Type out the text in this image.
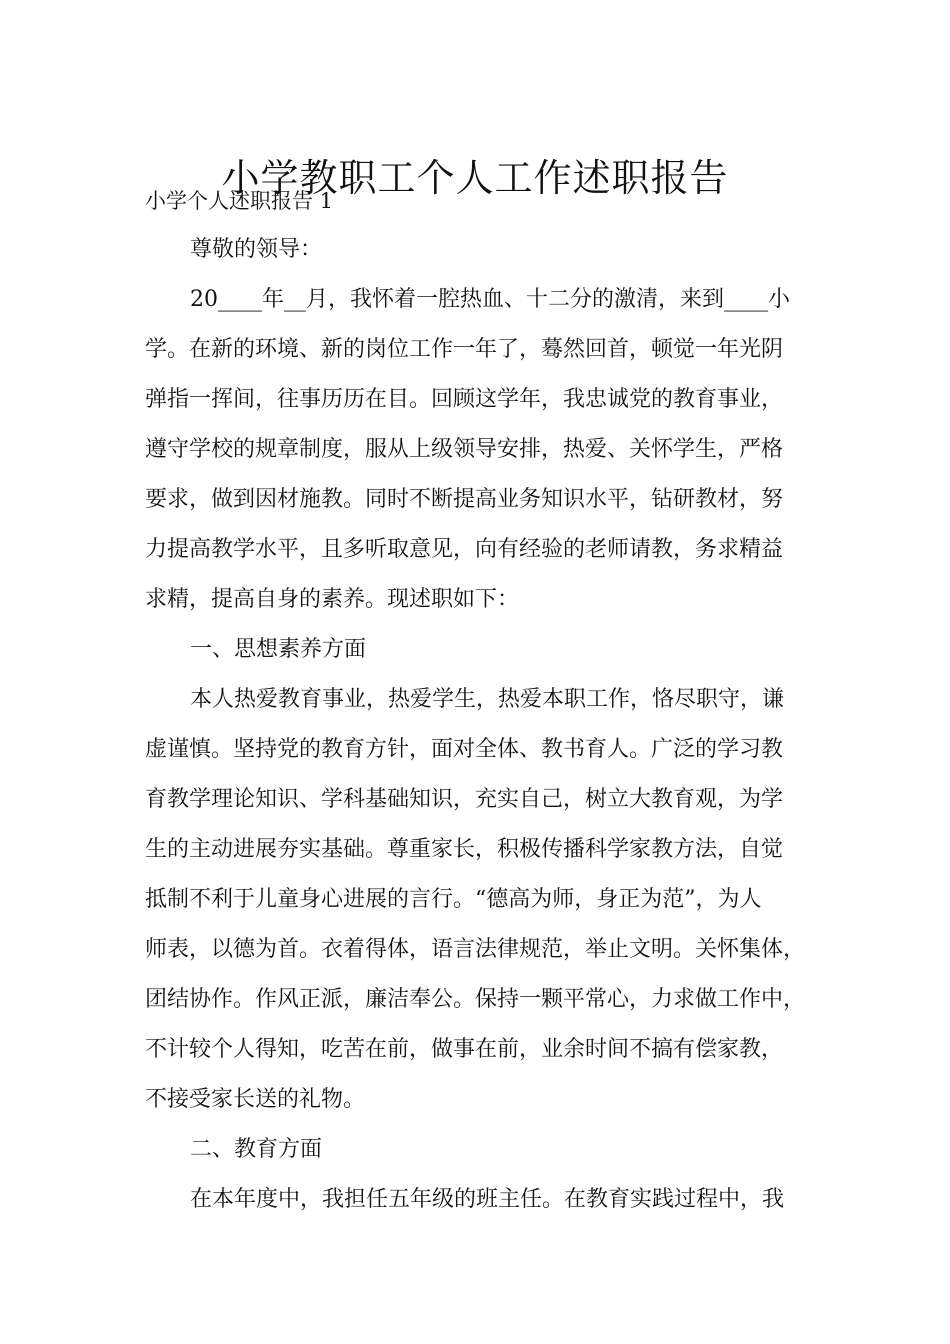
小学教职工个人工作述职报告
小学个人述职报告 1
尊敬的领导：
20____年__月，我怀着一腔热血、十二分的激清，来到____小
学。在新的环境、新的岗位工作一年了，蓦然回首，顿觉一年光阴
弹指一挥间，往事历历在目。回顾这学年，我忠诚党的教育事业，
遵守学校的规章制度，服从上级领导安排，热爱、关怀学生，严格
要求，做到因材施教。同时不断提高业务知识水平，钻研教材，努
力提高教学水平，且多听取意见，向有经验的老师请教，务求精益
求精，提高自身的素养。现述职如下：
一、思想素养方面
本人热爱教育事业，热爱学生，热爱本职工作，恪尽职守，谦
虚谨慎。坚持党的教育方针，面对全体、教书育人。广泛的学习教
育教学理论知识、学科基础知识，充实自己，树立大教育观，为学
生的主动进展夯实基础。尊重家长，积极传播科学家教方法，自觉
抵制不利于儿童身心进展的言行。“德高为师，身正为范”，为人
师表，以德为首。衣着得体，语言法律规范，举止文明。关怀集体，
团结协作。作风正派，廉洁奉公。保持一颗平常心，力求做工作中，
不计较个人得知，吃苦在前，做事在前，业余时间不搞有偿家教，
不接受家长送的礼物。
二、教育方面
在本年度中，我担任五年级的班主任。在教育实践过程中，我
